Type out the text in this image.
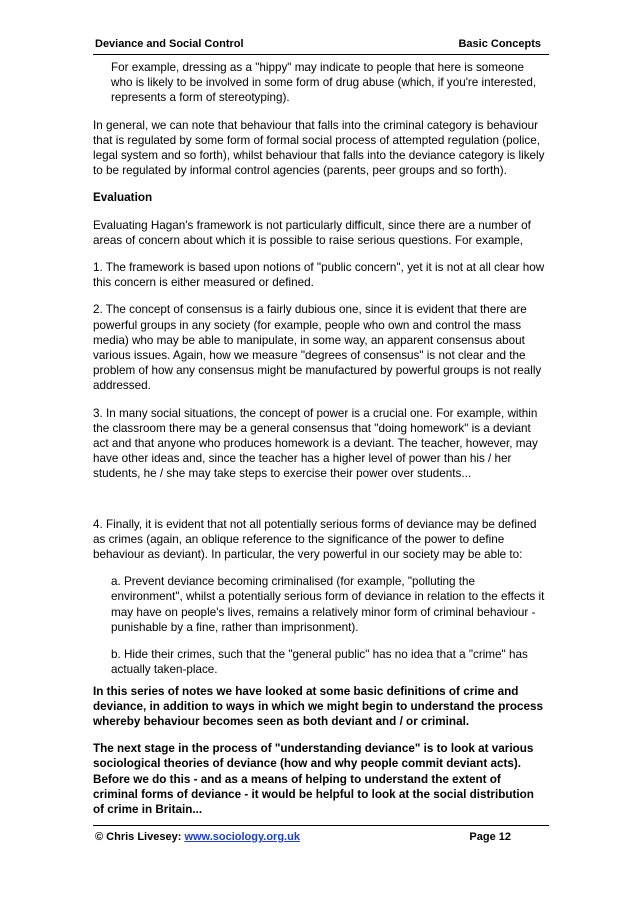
Deviance and Social Control	Basic Concepts

For example, dressing as a "hippy" may indicate to people that here is someone who is likely to be involved in some form of drug abuse (which, if you're interested, represents a form of stereotyping).

In general, we can note that behaviour that falls into the criminal category is behaviour that is regulated by some form of formal social process of attempted regulation (police, legal system and so forth), whilst behaviour that falls into the deviance category is likely to be regulated by informal control agencies (parents, peer groups and so forth).

Evaluation

Evaluating Hagan's framework is not particularly difficult, since there are a number of areas of concern about which it is possible to raise serious questions. For example,

1. The framework is based upon notions of "public concern", yet it is not at all clear how this concern is either measured or defined.

2. The concept of consensus is a fairly dubious one, since it is evident that there are powerful groups in any society (for example, people who own and control the mass media) who may be able to manipulate, in some way, an apparent consensus about various issues. Again, how we measure "degrees of consensus" is not clear and the problem of how any consensus might be manufactured by powerful groups is not really addressed.

3. In many social situations, the concept of power is a crucial one. For example, within the classroom there may be a general consensus that "doing homework" is a deviant act and that anyone who produces homework is a deviant. The teacher, however, may have other ideas and, since the teacher has a higher level of power than his / her students, he / she may take steps to exercise their power over students...

4. Finally, it is evident that not all potentially serious forms of deviance may be defined as crimes (again, an oblique reference to the significance of the power to define behaviour as deviant). In particular, the very powerful in our society may be able to:

a. Prevent deviance becoming criminalised (for example, "polluting the environment", whilst a potentially serious form of deviance in relation to the effects it may have on people's lives, remains a relatively minor form of criminal behaviour - punishable by a fine, rather than imprisonment).

b. Hide their crimes, such that the "general public" has no idea that a "crime" has actually taken-place.

In this series of notes we have looked at some basic definitions of crime and deviance, in addition to ways in which we might begin to understand the process whereby behaviour becomes seen as both deviant and / or criminal.

The next stage in the process of "understanding deviance" is to look at various sociological theories of deviance (how and why people commit deviant acts). Before we do this - and as a means of helping to understand the extent of criminal forms of deviance - it would be helpful to look at the social distribution of crime in Britain...

© Chris Livesey: www.sociology.org.uk	Page 12
